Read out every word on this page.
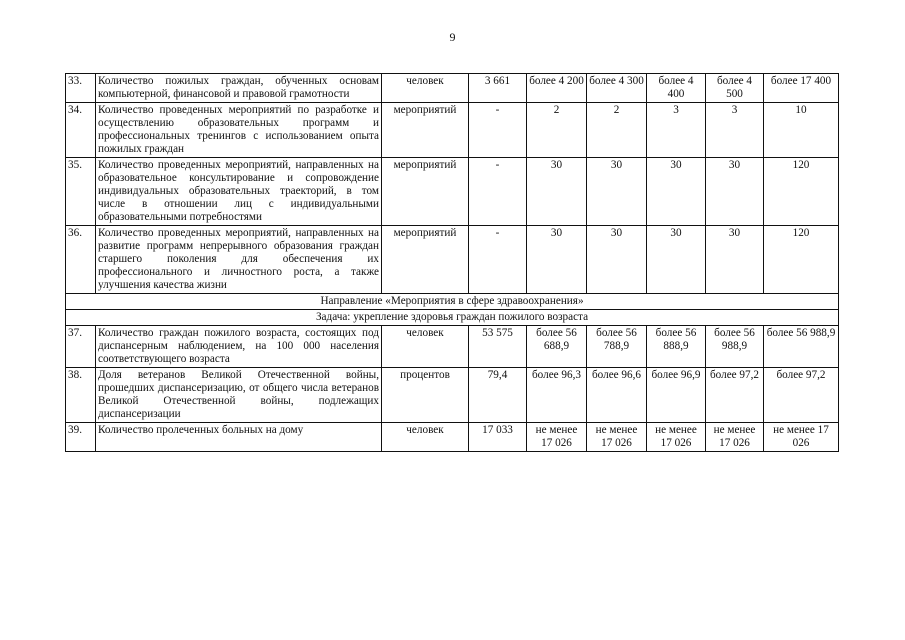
9
33.	Количество пожилых граждан, обученных основам компьютерной, финансовой и правовой грамотности	человек	3 661	более 4 200	более 4 300	более 4 400	более 4 500	более 17 400
34.	Количество проведенных мероприятий по разработке и осуществлению образовательных программ и профессиональных тренингов с использованием опыта пожилых граждан	мероприятий	-	2	2	3	3	10
35.	Количество проведенных мероприятий, направленных на образовательное консультирование и сопровождение индивидуальных образовательных траекторий, в том числе в отношении лиц с индивидуальными образовательными потребностями	мероприятий	-	30	30	30	30	120
36.	Количество проведенных мероприятий, направленных на развитие программ непрерывного образования граждан старшего поколения для обеспечения их профессионального и личностного роста, а также улучшения качества жизни	мероприятий	-	30	30	30	30	120
Направление «Мероприятия в сфере здравоохранения»								
Задача: укрепление здоровья граждан пожилого возраста								
37.	Количество граждан пожилого возраста, состоящих под диспансерным наблюдением, на 100 000 населения соответствующего возраста	человек	53 575	более 56 688,9	более 56 788,9	более 56 888,9	более 56 988,9	более 56 988,9
38.	Доля ветеранов Великой Отечественной войны, прошедших диспансеризацию, от общего числа ветеранов Великой Отечественной войны, подлежащих диспансеризации	процентов	79,4	более 96,3	более 96,6	более 96,9	более 97,2	более 97,2
39.	Количество пролеченных больных на дому	человек	17 033	не менее 17 026	не менее 17 026	не менее 17 026	не менее 17 026	не менее 17 026
